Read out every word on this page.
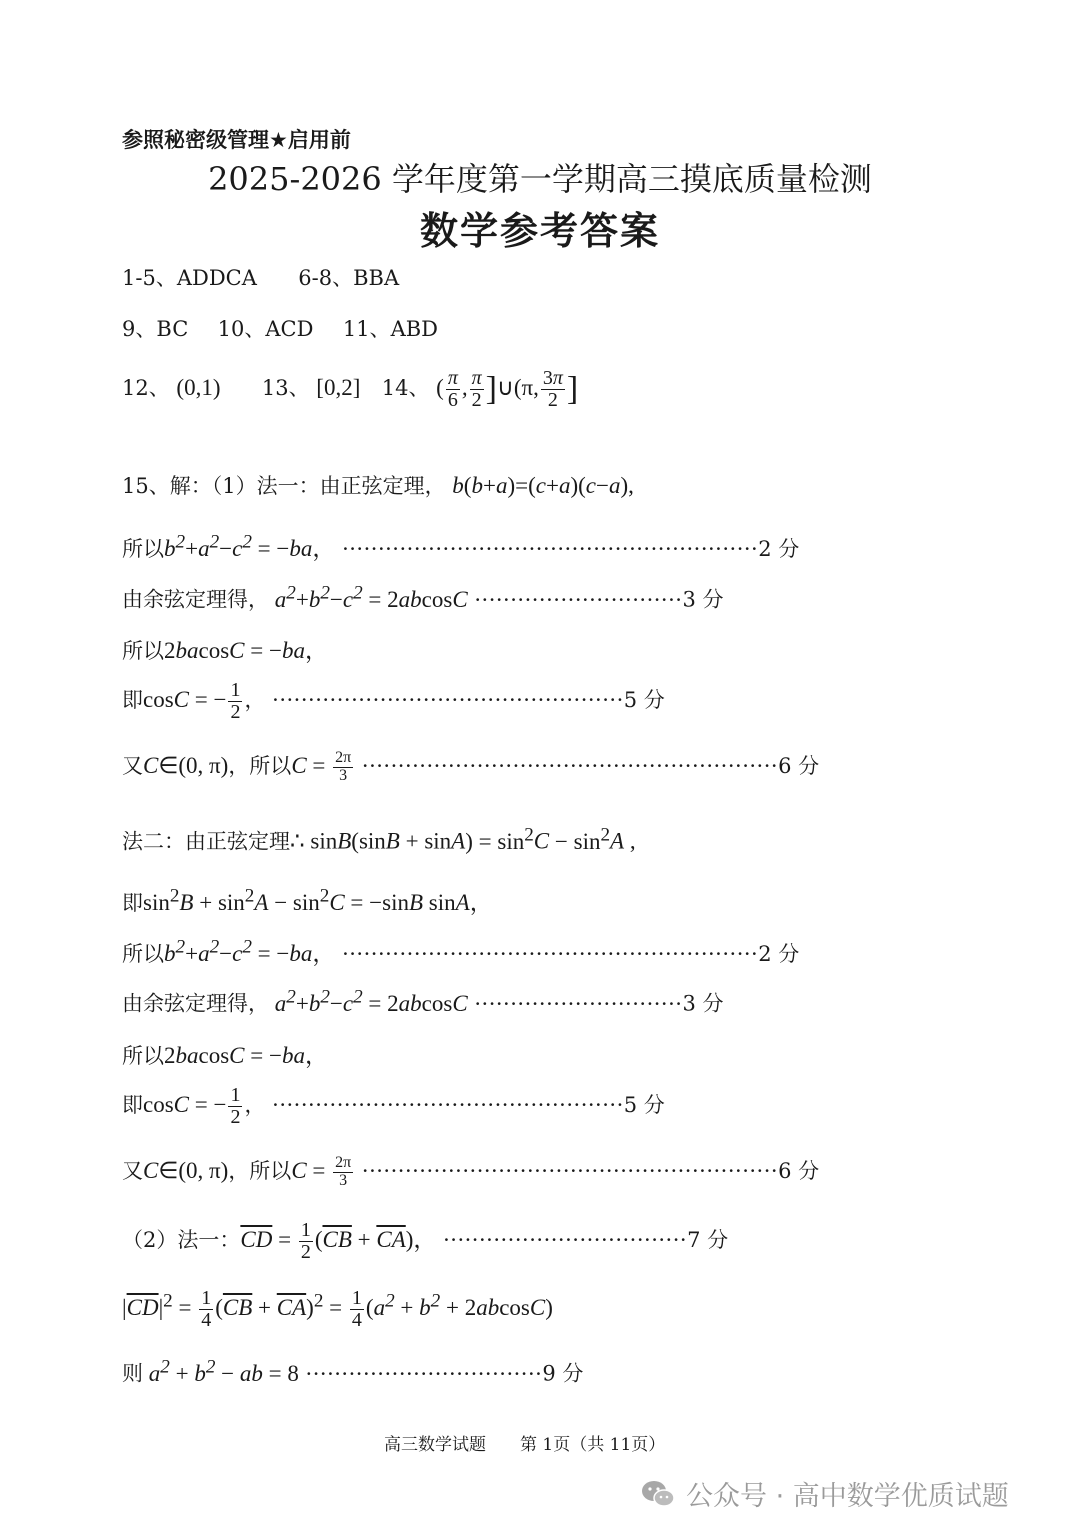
参照秘密级管理★启用前
2025-2026 学年度第一学期高三摸底质量检测
数学参考答案
1-5、ADDCA 6-8、BBA
9、BC 10、ACD 11、ABD
12、 (0,1) 13、 [0,2] 14、 ( $\frac{\pi}{6}$ , $\frac{\pi}{2}$ ]∪(π, $\frac{3\pi}{2}$ ]
15、解：（1）法一：由正弦定理， b(b+a)=(c+a)(c−a),
所以$b^2+a^2-c^2 = -ba$， ··························································2 分
由余弦定理得， $a^2+b^2-c^2 = 2abcosC \cdot\cdot\cdot\cdot\cdot\cdot\cdot\cdot\cdot\cdot\cdot\cdot\cdot\cdot\cdot\cdot\cdot\cdot\cdot\cdot\cdot\cdot\cdot\cdot\cdot\cdot\cdot\cdot\cdot 3$ 分
所以2bacosC = −ba，
即cosC = − $\frac{1}{2}$ ， ·················································5 分
又C∈(0, π)，所以$C = \frac{2\pi}{3} \cdot\cdot\cdot\cdot\cdot\cdot\cdot\cdot\cdot\cdot\cdot\cdot\cdot\cdot\cdot\cdot\cdot\cdot\cdot\cdot\cdot\cdot\cdot\cdot\cdot\cdot\cdot\cdot\cdot\cdot\cdot\cdot\cdot\cdot\cdot\cdot\cdot\cdot\cdot\cdot\cdot\cdot\cdot\cdot\cdot\cdot\cdot\cdot\cdot\cdot\cdot\cdot\cdot\cdot\cdot\cdot\cdot\cdot 6$ 分
法二：由正弦定理∴ $\sin B(\sin B + \sin A) = \sin^2C - \sin^2A$ ,
即$\sin^2B + \sin^2A - \sin^2C = -\sin B$ sinA，
所以$b^2+a^2-c^2 = -ba$， ··························································2 分
由余弦定理得， $a^2+b^2-c^2 = 2abcosC \cdot\cdot\cdot\cdot\cdot\cdot\cdot\cdot\cdot\cdot\cdot\cdot\cdot\cdot\cdot\cdot\cdot\cdot\cdot\cdot\cdot\cdot\cdot\cdot\cdot\cdot\cdot\cdot\cdot 3$ 分
所以2bacosC = −ba，
即cosC = − $\frac{1}{2}$ ， ·················································5 分
又C∈(0, π)，所以$C = \frac{2\pi}{3} \cdot\cdot\cdot\cdot\cdot\cdot\cdot\cdot\cdot\cdot\cdot\cdot\cdot\cdot\cdot\cdot\cdot\cdot\cdot\cdot\cdot\cdot\cdot\cdot\cdot\cdot\cdot\cdot\cdot\cdot\cdot\cdot\cdot\cdot\cdot\cdot\cdot\cdot\cdot\cdot\cdot\cdot\cdot\cdot\cdot\cdot\cdot\cdot\cdot\cdot\cdot\cdot\cdot\cdot\cdot\cdot\cdot\cdot 6$ 分
（2）法一：$\overline{CD} = \frac{1}{2} (\overline{CB} + \overline{CA})$， ··································7 分
$|\overline{CD}|^2 = \frac{1}{4} (\overline{CB} + \overline{CA})^2 = \frac{1}{4} (a^2 + b^2 + 2abcosC)$
则 $a^2 + b^2$ − ab = 8 ·································9 分
高三数学试题　　第 1页（共 11页）
公众号 · 高中数学优质试题
